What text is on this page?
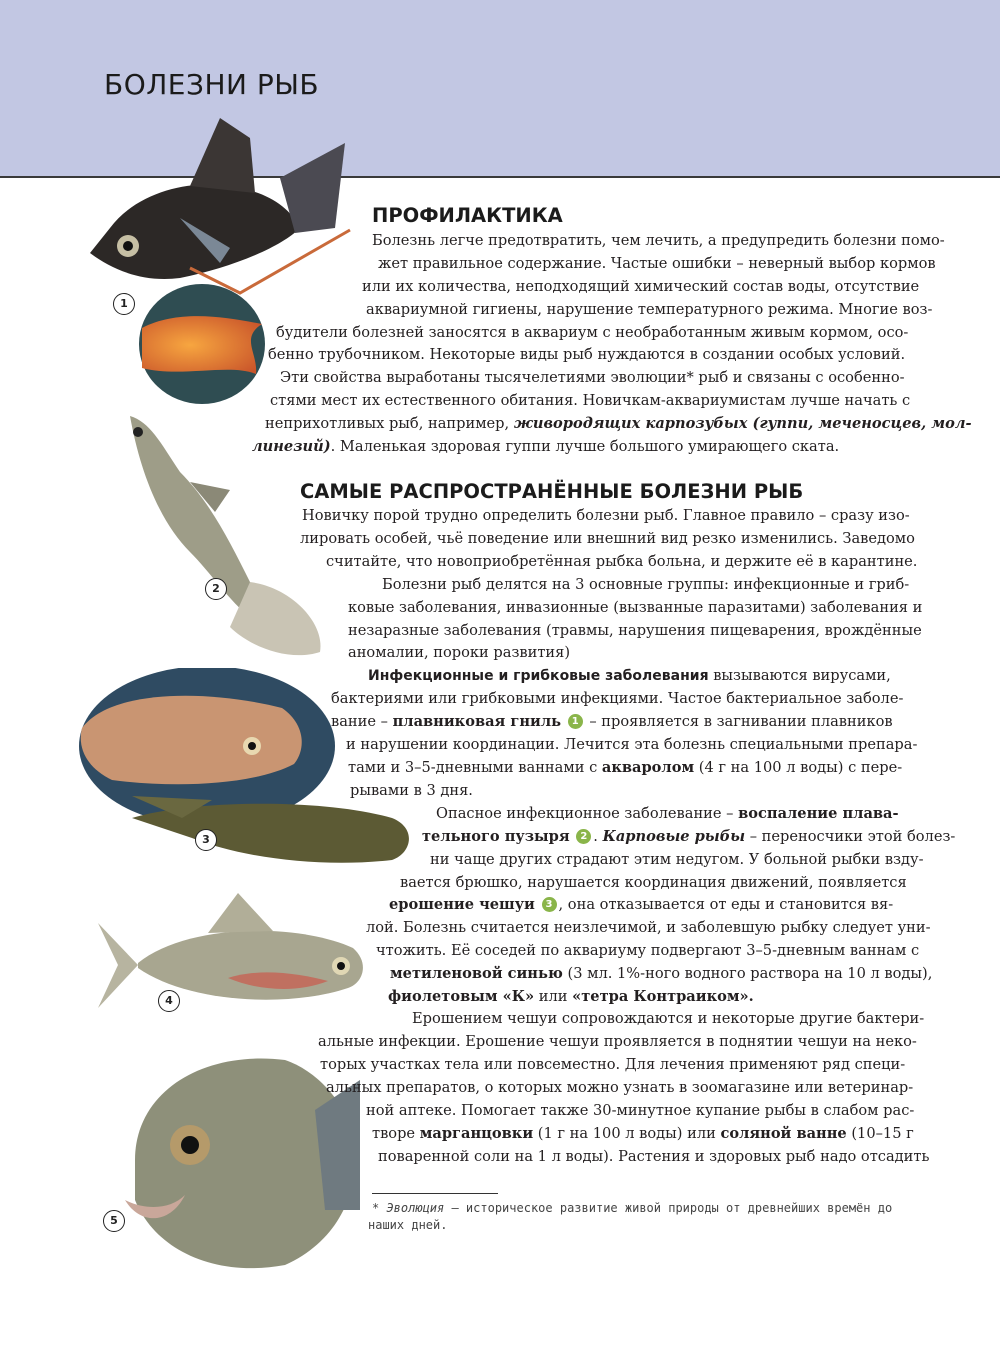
БОЛЕЗНИ РЫБ
1
2
3
4
5
ПРОФИЛАКТИКА
Болезнь легче предотвратить, чем лечить, а предупредить болезни помо-
жет правильное содержание. Частые ошибки – неверный выбор кормов
или их количества, неподходящий химический состав воды, отсутствие
аквариумной гигиены, нарушение температурного режима. Многие воз-
будители болезней заносятся в аквариум с необработанным живым кормом, осо-
бенно трубочником. Некоторые виды рыб нуждаются в создании особых условий.
Эти свойства выработаны тысячелетиями эволюции* рыб и связаны с особенно-
стями мест их естественного обитания. Новичкам-аквариумистам лучше начать с
неприхотливых рыб, например, живородящих карпозубых (гуппи, меченосцев, мол-
линезий). Маленькая здоровая гуппи лучше большого умирающего ската.
САМЫЕ РАСПРОСТРАНЁННЫЕ БОЛЕЗНИ РЫБ
Новичку порой трудно определить болезни рыб. Главное правило – сразу изо-
лировать особей, чьё поведение или внешний вид резко изменились. Заведомо
считайте, что новоприобретённая рыбка больна, и держите её в карантине.
Болезни рыб делятся на 3 основные группы: инфекционные и гриб-
ковые заболевания, инвазионные (вызванные паразитами) заболевания и
незаразные заболевания (травмы, нарушения пищеварения, врождённые
аномалии, пороки развития)
Инфекционные и грибковые заболевания вызываются вирусами,
бактериями или грибковыми инфекциями. Частое бактериальное заболе-
вание – плавниковая гниль 1 – проявляется в загнивании плавников
и нарушении координации. Лечится эта болезнь специальными препара-
тами и 3–5-дневными ваннами с акваролом (4 г на 100 л воды) с пере-
рывами в 3 дня.
Опасное инфекционное заболевание – воспаление плава-
тельного пузыря 2 . Карповые рыбы – переносчики этой болез-
ни чаще других страдают этим недугом. У больной рыбки взду-
вается брюшко, нарушается координация движений, появляется
ерошение чешуи 3 , она отказывается от еды и становится вя-
лой. Болезнь считается неизлечимой, и заболевшую рыбку следует уни-
чтожить. Её соседей по аквариуму подвергают 3–5-дневным ваннам с
метиленовой синью (3 мл. 1%-ного водного раствора на 10 л воды),
фиолетовым «К» или «тетра Контраиком».
Ерошением чешуи сопровождаются и некоторые другие бактери-
альные инфекции. Ерошение чешуи проявляется в поднятии чешуи на неко-
торых участках тела или повсеместно. Для лечения применяют ряд специ-
альных препаратов, о которых можно узнать в зоомагазине или ветеринар-
ной аптеке. Помогает также 30-минутное купание рыбы в слабом рас-
творе марганцовки (1 г на 100 л воды) или соляной ванне (10–15 г
поваренной соли на 1 л воды). Растения и здоровых рыб надо отсадить
* Эволюция – историческое развитие живой природы от древнейших времён до
наших дней.
